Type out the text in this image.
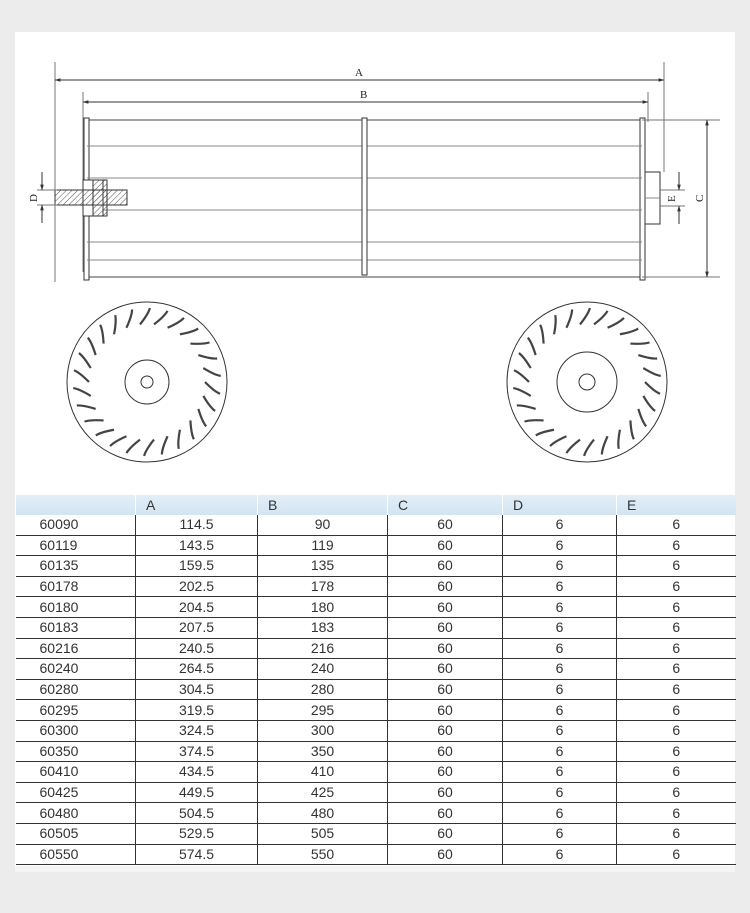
A
B
C
E
D
	A	B	C	D	E
60090	114.5	90	60	6	6
60119	143.5	119	60	6	6
60135	159.5	135	60	6	6
60178	202.5	178	60	6	6
60180	204.5	180	60	6	6
60183	207.5	183	60	6	6
60216	240.5	216	60	6	6
60240	264.5	240	60	6	6
60280	304.5	280	60	6	6
60295	319.5	295	60	6	6
60300	324.5	300	60	6	6
60350	374.5	350	60	6	6
60410	434.5	410	60	6	6
60425	449.5	425	60	6	6
60480	504.5	480	60	6	6
60505	529.5	505	60	6	6
60550	574.5	550	60	6	6
